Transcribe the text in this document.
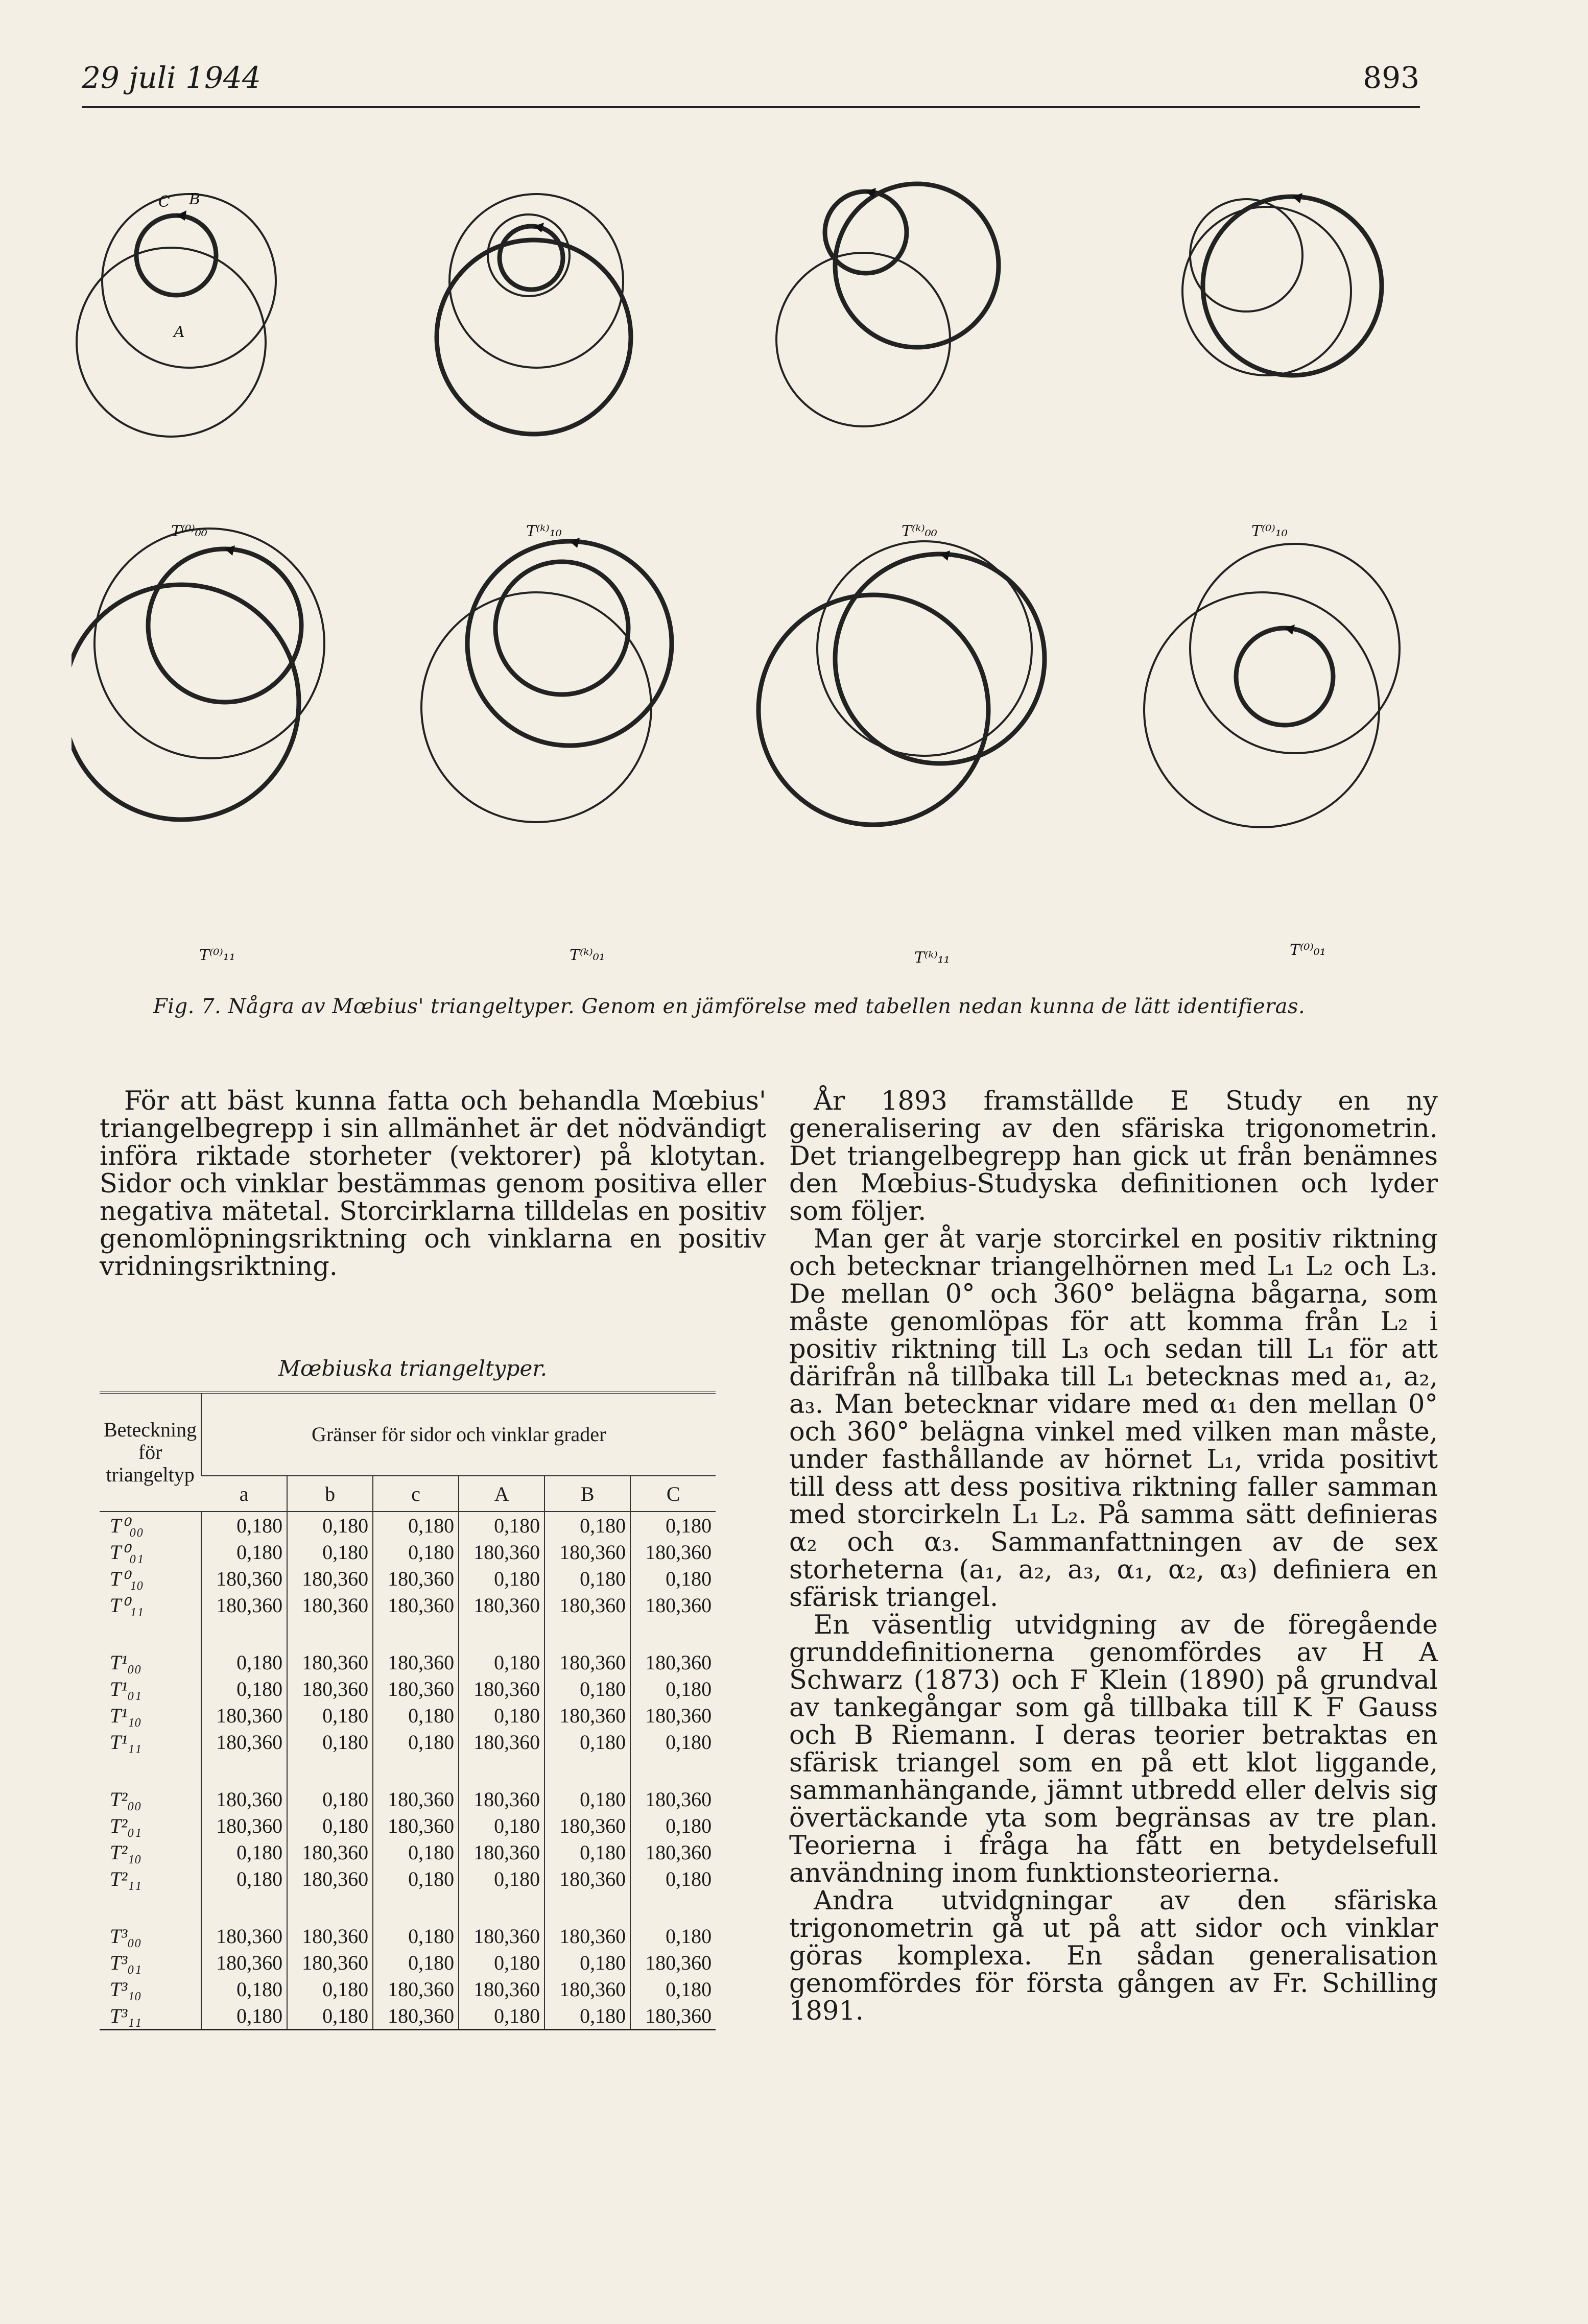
29 juli 1944	893
C B
A
T⁽⁰⁾₀₀	T⁽ᵏ⁾₁₀	T⁽ᵏ⁾₀₀	T⁽⁰⁾₁₀
T⁽⁰⁾₁₁	T⁽ᵏ⁾₀₁	T⁽ᵏ⁾₁₁	T⁽⁰⁾₀₁
Fig. 7. Några av Mœbius' triangeltyper. Genom en jämförelse med tabellen nedan kunna de lätt identifieras.

För att bäst kunna fatta och behandla Mœbius' triangelbegrepp i sin allmänhet är det nödvändigt införa riktade storheter (vektorer) på klotytan. Sidor och vinklar bestämmas genom positiva eller negativa mätetal. Storcirklarna tilldelas en positiv genomlöpningsriktning och vinklarna en positiv vridningsriktning.

Mœbiuska triangeltyper.
Beteckning för triangeltyp	Gränser för sidor och vinklar grader					
	a	b	c	A	B	C
T⁰₀₀	0,180	0,180	0,180	0,180	0,180	0,180
T⁰₀₁	0,180	0,180	0,180	180,360	180,360	180,360
T⁰₁₀	180,360	180,360	180,360	0,180	0,180	0,180
T⁰₁₁	180,360	180,360	180,360	180,360	180,360	180,360

T¹₀₀	0,180	180,360	180,360	0,180	180,360	180,360
T¹₀₁	0,180	180,360	180,360	180,360	0,180	0,180
T¹₁₀	180,360	0,180	0,180	0,180	180,360	180,360
T¹₁₁	180,360	0,180	0,180	180,360	0,180	0,180

T²₀₀	180,360	0,180	180,360	180,360	0,180	180,360
T²₀₁	180,360	0,180	180,360	0,180	180,360	0,180
T²₁₀	0,180	180,360	0,180	180,360	0,180	180,360
T²₁₁	0,180	180,360	0,180	0,180	180,360	0,180

T³₀₀	180,360	180,360	0,180	180,360	180,360	0,180
T³₀₁	180,360	180,360	0,180	0,180	0,180	180,360
T³₁₀	0,180	0,180	180,360	180,360	180,360	0,180
T³₁₁	0,180	0,180	180,360	0,180	0,180	180,360

År 1893 framställde E Study en ny generalisering av den sfäriska trigonometrin. Det triangelbegrepp han gick ut från benämnes den Mœbius-Studyska definitionen och lyder som följer.

Man ger åt varje storcirkel en positiv riktning och betecknar triangelhörnen med L₁ L₂ och L₃. De mellan 0° och 360° belägna bågarna, som måste genomlöpas för att komma från L₂ i positiv riktning till L₃ och sedan till L₁ för att därifrån nå tillbaka till L₁ betecknas med a₁, a₂, a₃. Man betecknar vidare med α₁ den mellan 0° och 360° belägna vinkel med vilken man måste, under fasthållande av hörnet L₁, vrida positivt till dess att dess positiva riktning faller samman med storcirkeln L₁ L₂. På samma sätt definieras α₂ och α₃. Sammanfattningen av de sex storheterna (a₁, a₂, a₃, α₁, α₂, α₃) definiera en sfärisk triangel.

En väsentlig utvidgning av de föregående grunddefinitionerna genomfördes av H A Schwarz (1873) och F Klein (1890) på grundval av tankegångar som gå tillbaka till K F Gauss och B Riemann. I deras teorier betraktas en sfärisk triangel som en på ett klot liggande, sammanhängande, jämnt utbredd eller delvis sig övertäckande yta som begränsas av tre plan. Teorierna i fråga ha fått en betydelsefull användning inom funktionsteorierna.

Andra utvidgningar av den sfäriska trigonometrin gå ut på att sidor och vinklar göras komplexa. En sådan generalisation genomfördes för första gången av Fr. Schilling 1891.
